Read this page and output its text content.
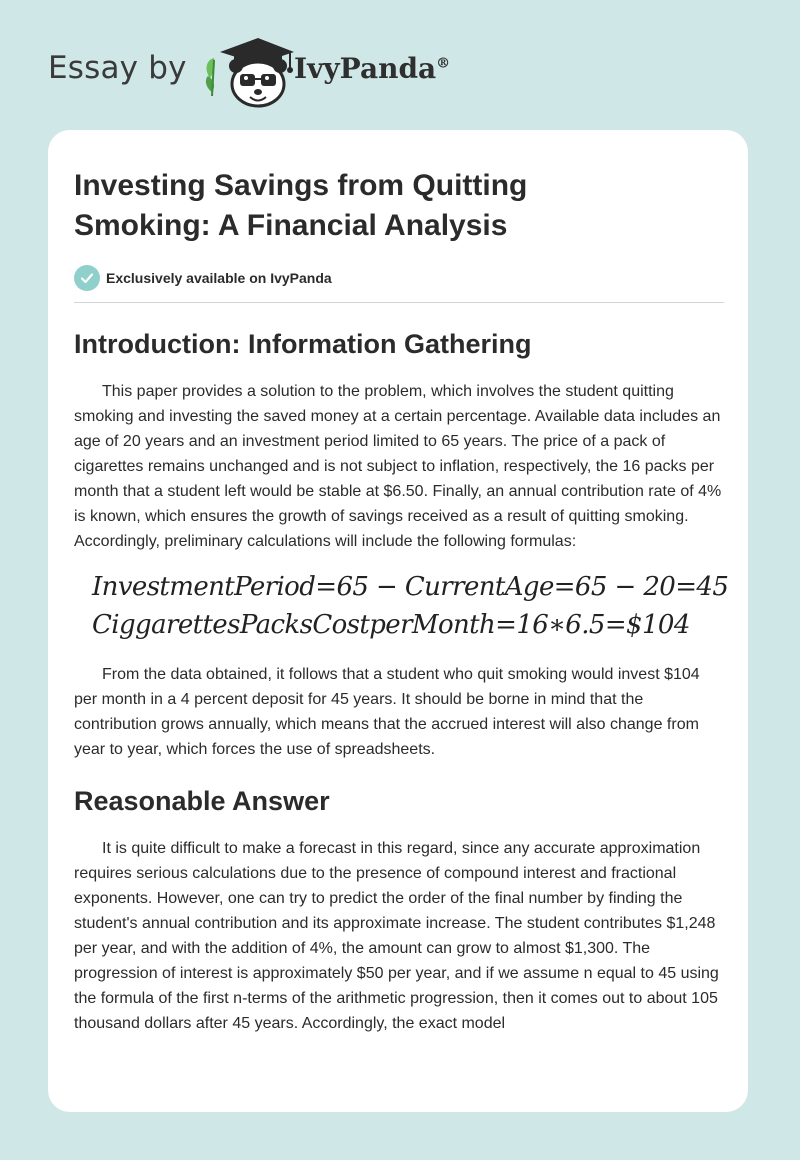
Essay by	IvyPanda®
Investing Savings from Quitting Smoking: A Financial Analysis
Exclusively available on IvyPanda
Introduction: Information Gathering

This paper provides a solution to the problem, which involves the student quitting smoking and investing the saved money at a certain percentage. Available data includes an age of 20 years and an investment period limited to 65 years. The price of a pack of cigarettes remains unchanged and is not subject to inflation, respectively, the 16 packs per month that a student left would be stable at $6.50. Finally, an annual contribution rate of 4% is known, which ensures the growth of savings received as a result of quitting smoking. Accordingly, preliminary calculations will include the following formulas:

InvestmentPeriod=65 − CurrentAge=65 − 20=45
CiggarettesPacksCostperMonth=16∗6.5=$104

From the data obtained, it follows that a student who quit smoking would invest $104 per month in a 4 percent deposit for 45 years. It should be borne in mind that the contribution grows annually, which means that the accrued interest will also change from year to year, which forces the use of spreadsheets.

Reasonable Answer

It is quite difficult to make a forecast in this regard, since any accurate approximation requires serious calculations due to the presence of compound interest and fractional exponents. However, one can try to predict the order of the final number by finding the student's annual contribution and its approximate increase. The student contributes $1,248 per year, and with the addition of 4%, the amount can grow to almost $1,300. The progression of interest is approximately $50 per year, and if we assume n equal to 45 using the formula of the first n-terms of the arithmetic progression, then it comes out to about 105 thousand dollars after 45 years. Accordingly, the exact model
